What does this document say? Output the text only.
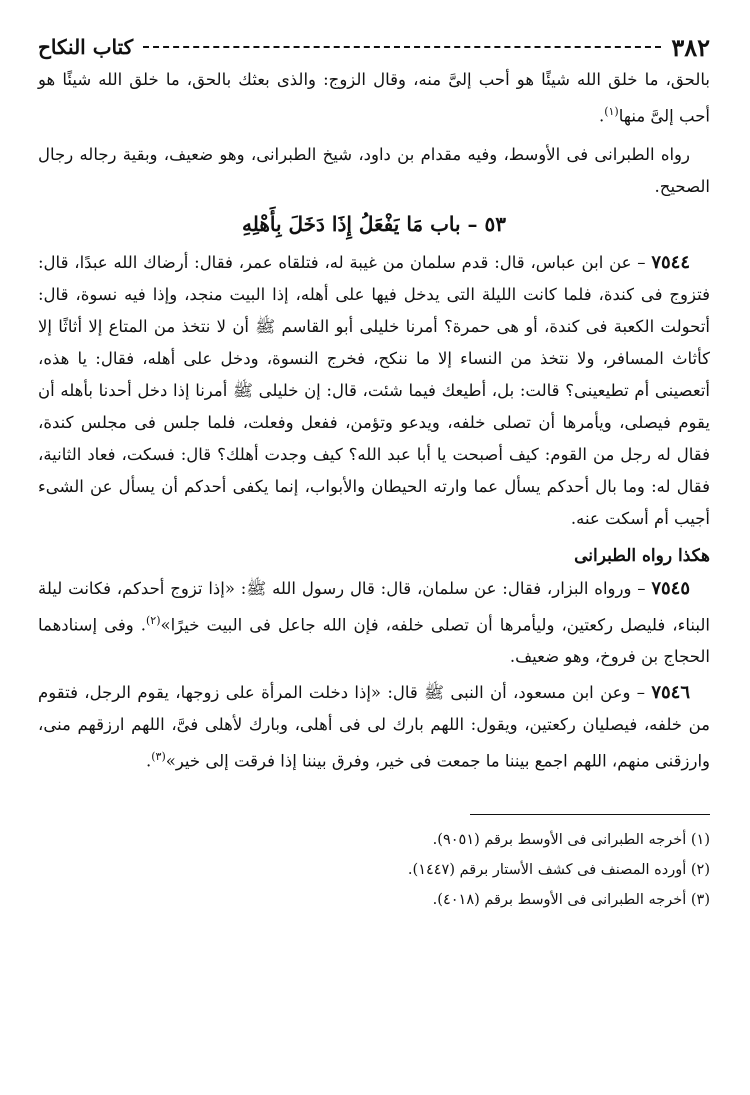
٣٨٢
كتاب النكاح

بالحق، ما خلق الله شيئًا هو أحب إلىَّ منه، وقال الزوج: والذى بعثك بالحق، ما خلق الله شيئًا هو أحب إلىَّ منها$^{(١)}$.

رواه الطبرانى فى الأوسط، وفيه مقدام بن داود، شيخ الطبرانى، وهو ضعيف، وبقية رجاله رجال الصحيح.

٥٣ – باب مَا يَفْعَلُ إِذَا دَخَلَ بِأَهْلِهِ

٧٥٤٤ – عن ابن عباس، قال: قدم سلمان من غيبة له، فتلقاه عمر، فقال: أرضاك الله عبدًا، قال: فتزوج فى كندة، فلما كانت الليلة التى يدخل فيها على أهله، إذا البيت منجد، وإذا فيه نسوة، قال: أتحولت الكعبة فى كندة، أو هى حمرة؟ أمرنا خليلى أبو القاسم ﷺ أن لا نتخذ من المتاع إلا أثاثًا إلا كأثاث المسافر، ولا نتخذ من النساء إلا ما ننكح، فخرج النسوة، ودخل على أهله، فقال: يا هذه، أتعصينى أم تطيعينى؟ قالت: بل، أطيعك فيما شئت، قال: إن خليلى ﷺ أمرنا إذا دخل أحدنا بأهله أن يقوم فيصلى، ويأمرها أن تصلى خلفه، ويدعو وتؤمن، ففعل وفعلت، فلما جلس فى مجلس كندة، فقال له رجل من القوم: كيف أصبحت يا أبا عبد الله؟ كيف وجدت أهلك؟ قال: فسكت، فعاد الثانية، فقال له: وما بال أحدكم يسأل عما وارته الحيطان والأبواب، إنما يكفى أحدكم أن يسأل عن الشىء أجيب أم أسكت عنه.

هكذا رواه الطبرانى

٧٥٤٥ – ورواه البزار، فقال: عن سلمان، قال: قال رسول الله ﷺ: «إذا تزوج أحدكم، فكانت ليلة البناء، فليصل ركعتين، وليأمرها أن تصلى خلفه، فإن الله جاعل فى البيت خيرًا»$^{(٢)}$. وفى إسنادهما الحجاج بن فروخ، وهو ضعيف.

٧٥٤٦ – وعن ابن مسعود، أن النبى ﷺ قال: «إذا دخلت المرأة على زوجها، يقوم الرجل، فتقوم من خلفه، فيصليان ركعتين، ويقول: اللهم بارك لى فى أهلى، وبارك لأهلى فىَّ، اللهم ارزقهم منى، وارزقنى منهم، اللهم اجمع بيننا ما جمعت فى خير، وفرق بيننا إذا فرقت إلى خير»$^{(٣)}$.

(١) أخرجه الطبرانى فى الأوسط برقم (٩٠٥١).

(٢) أورده المصنف فى كشف الأستار برقم (١٤٤٧).

(٣) أخرجه الطبرانى فى الأوسط برقم (٤٠١٨).
